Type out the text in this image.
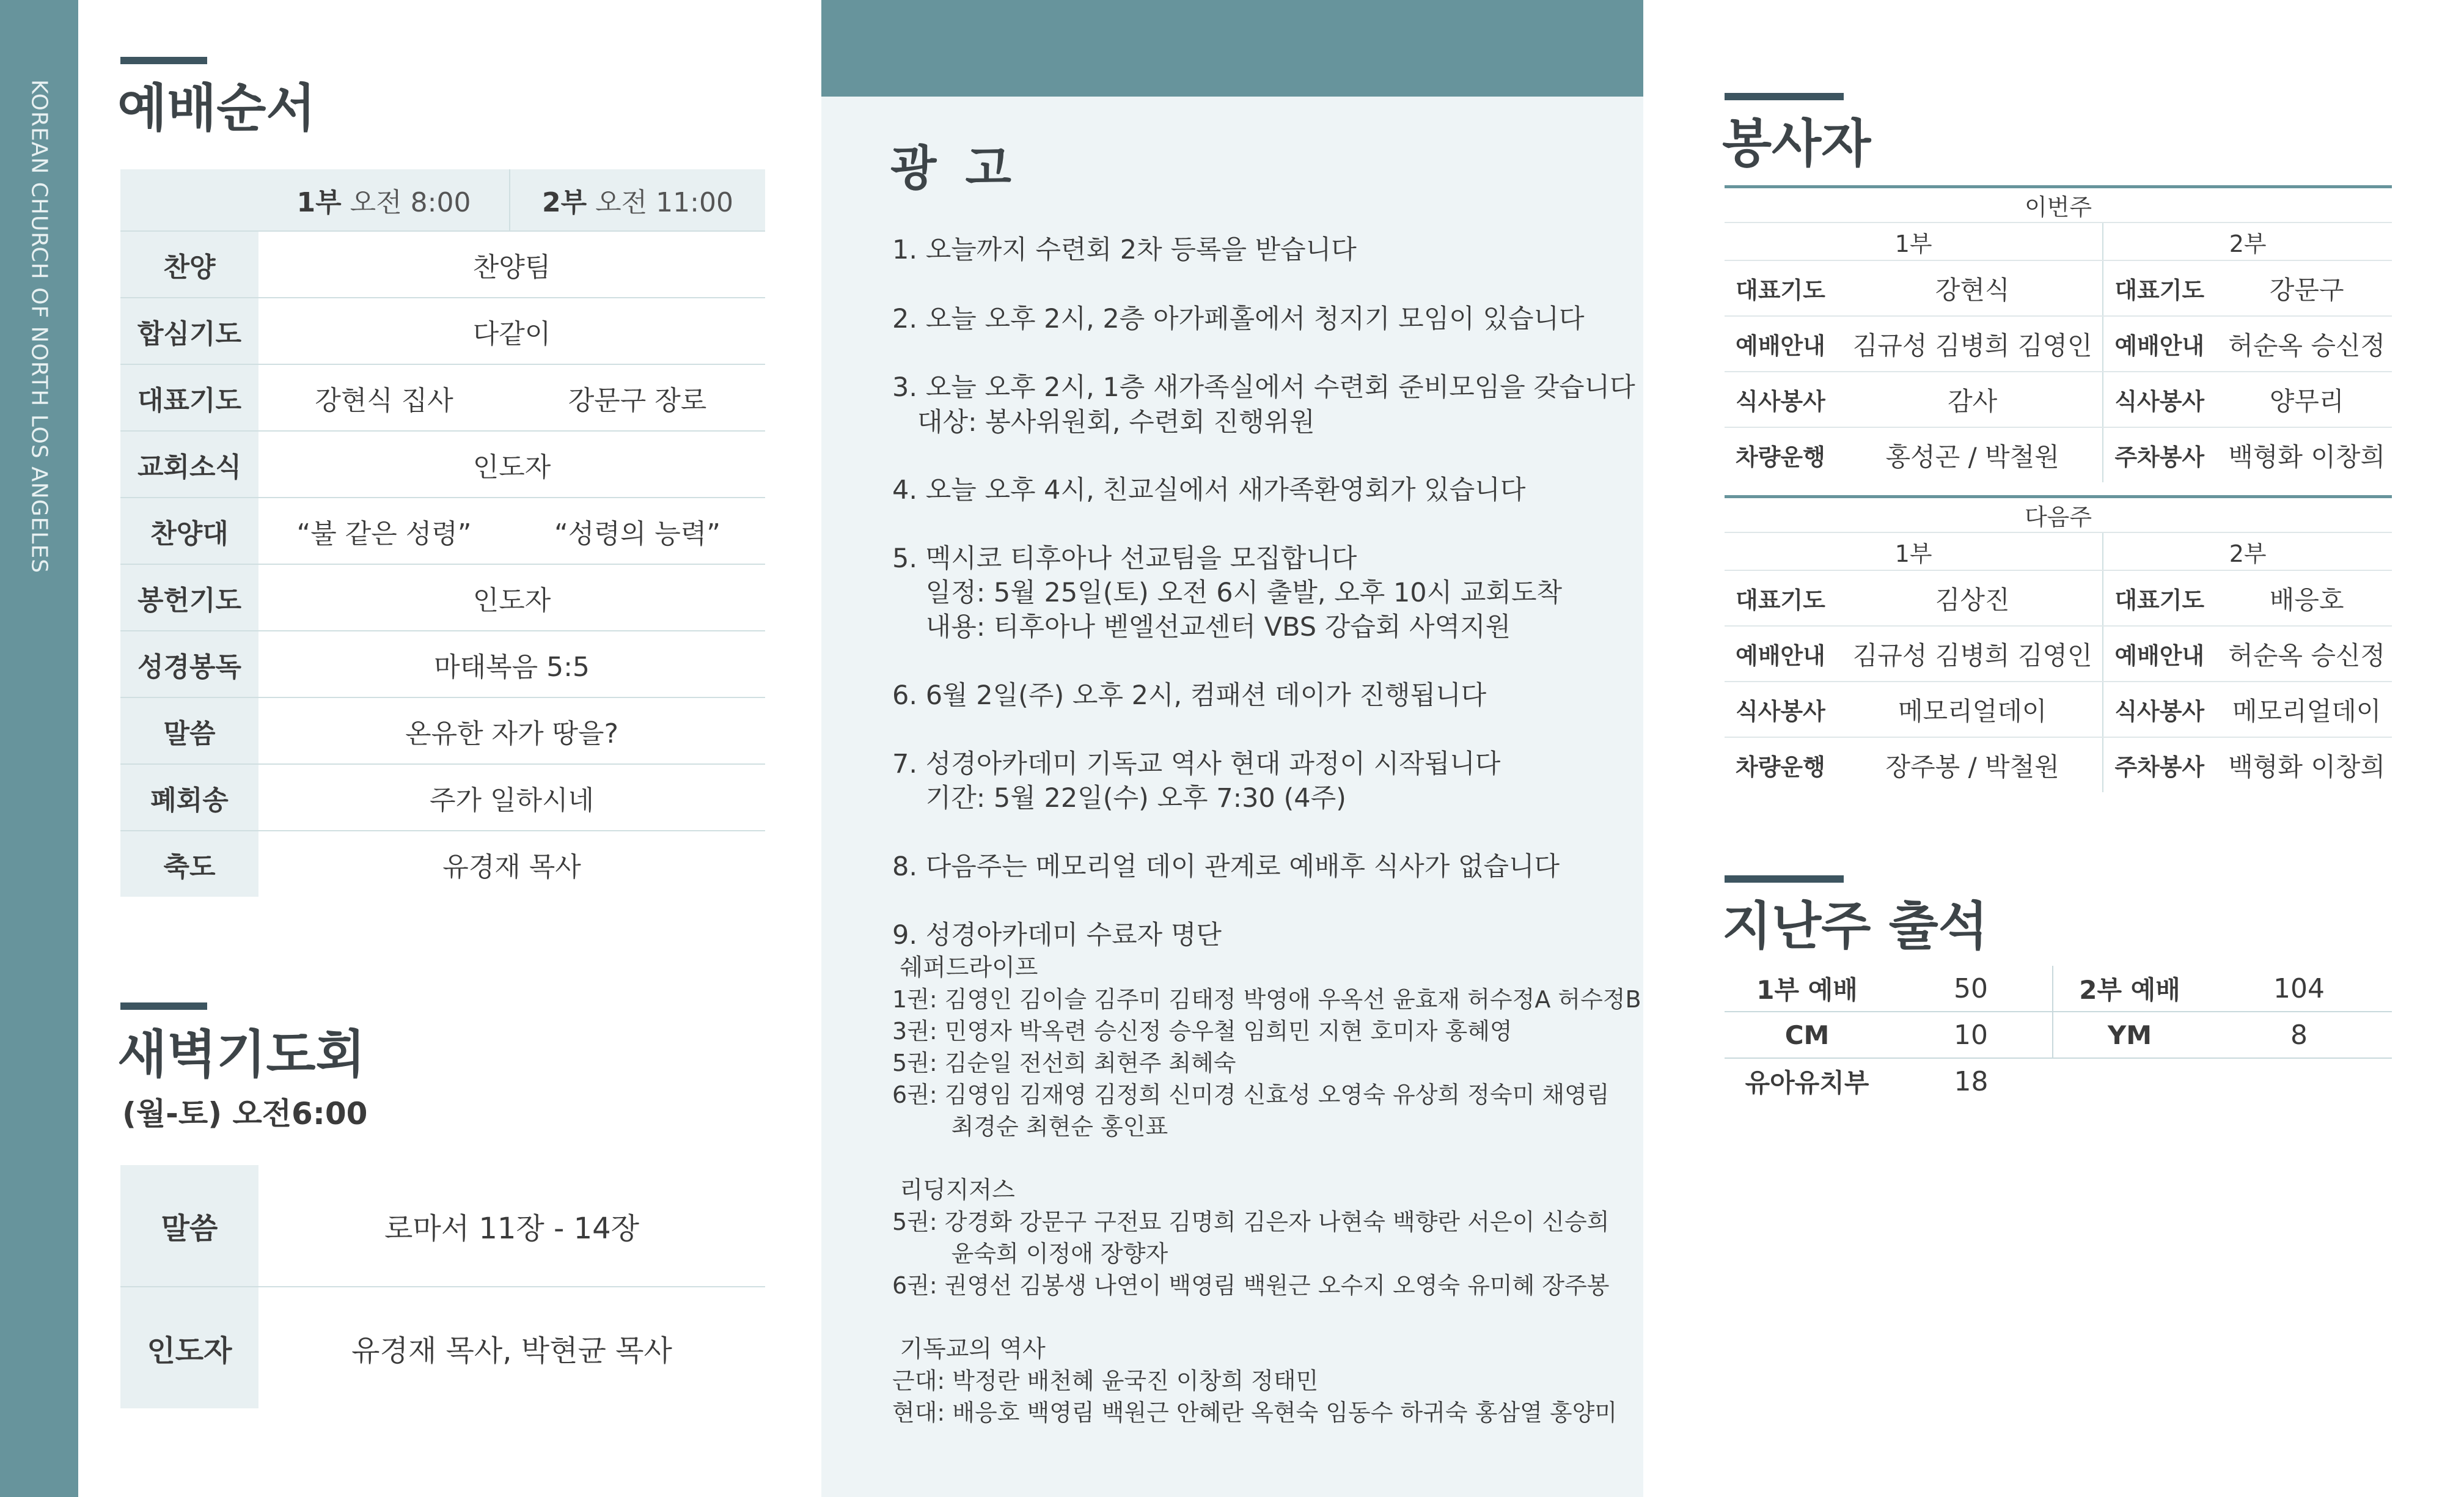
KOREAN CHURCH OF NORTH LOS ANGELES 예배순서
	1부 오전 8:00	2부 오전 11:00
찬양	찬양팀	
합심기도	다같이	
대표기도	강현식 집사	강문구 장로
교회소식	인도자	
찬양대	“불 같은 성령”	“성령의 능력”
봉헌기도	인도자	
성경봉독	마태복음 5:5	
말씀	온유한 자가 땅을?	
폐회송	주가 일하시네	
축도	유경재 목사	
새벽기도회
(월-토) 오전6:00
말씀	로마서 11장 - 14장
인도자	유경재 목사, 박현균 목사
광 고
1. 오늘까지 수련회 2차 등록을 받습니다
2. 오늘 오후 2시, 2층 아가페홀에서 청지기 모임이 있습니다
3. 오늘 오후 2시, 1층 새가족실에서 수련회 준비모임을 갖습니다
대상: 봉사위원회, 수련회 진행위원
4. 오늘 오후 4시, 친교실에서 새가족환영회가 있습니다
5. 멕시코 티후아나 선교팀을 모집합니다
일정: 5월 25일(토) 오전 6시 출발, 오후 10시 교회도착
내용: 티후아나 벧엘선교센터 VBS 강습회 사역지원
6. 6월 2일(주) 오후 2시, 컴패션 데이가 진행됩니다
7. 성경아카데미 기독교 역사 현대 과정이 시작됩니다
기간: 5월 22일(수) 오후 7:30 (4주)
8. 다음주는 메모리얼 데이 관계로 예배후 식사가 없습니다
9. 성경아카데미 수료자 명단
쉐퍼드라이프
1권: 김영인 김이슬 김주미 김태정 박영애 우옥선 윤효재 허수정A 허수정B
3권: 민영자 박옥련 승신정 승우철 임희민 지현 호미자 홍혜영
5권: 김순일 전선희 최현주 최혜숙
6권: 김영임 김재영 김정희 신미경 신효성 오영숙 유상희 정숙미 채영림
최경순 최현순 홍인표
리딩지저스
5권: 강경화 강문구 구전묘 김명희 김은자 나현숙 백향란 서은이 신승희
윤숙희 이정애 장향자
6권: 권영선 김봉생 나연이 백영림 백원근 오수지 오영숙 유미혜 장주봉
기독교의 역사
근대: 박정란 배천혜 윤국진 이창희 정태민
현대: 배응호 백영림 백원근 안혜란 옥현숙 임동수 하귀숙 홍삼열 홍양미
봉사자
이번주			
1부		2부	
대표기도	강현식	대표기도	강문구
예배안내	김규성 김병희 김영인	예배안내	허순옥 승신정
식사봉사	감사	식사봉사	양무리
차량운행	홍성곤 / 박철원	주차봉사	백형화 이창희
다음주			
1부		2부	
대표기도	김상진	대표기도	배응호
예배안내	김규성 김병희 김영인	예배안내	허순옥 승신정
식사봉사	메모리얼데이	식사봉사	메모리얼데이
차량운행	장주봉 / 박철원	주차봉사	백형화 이창희
지난주 출석
1부 예배	50	2부 예배	104
CM	10	YM	8
유아유치부	18		
